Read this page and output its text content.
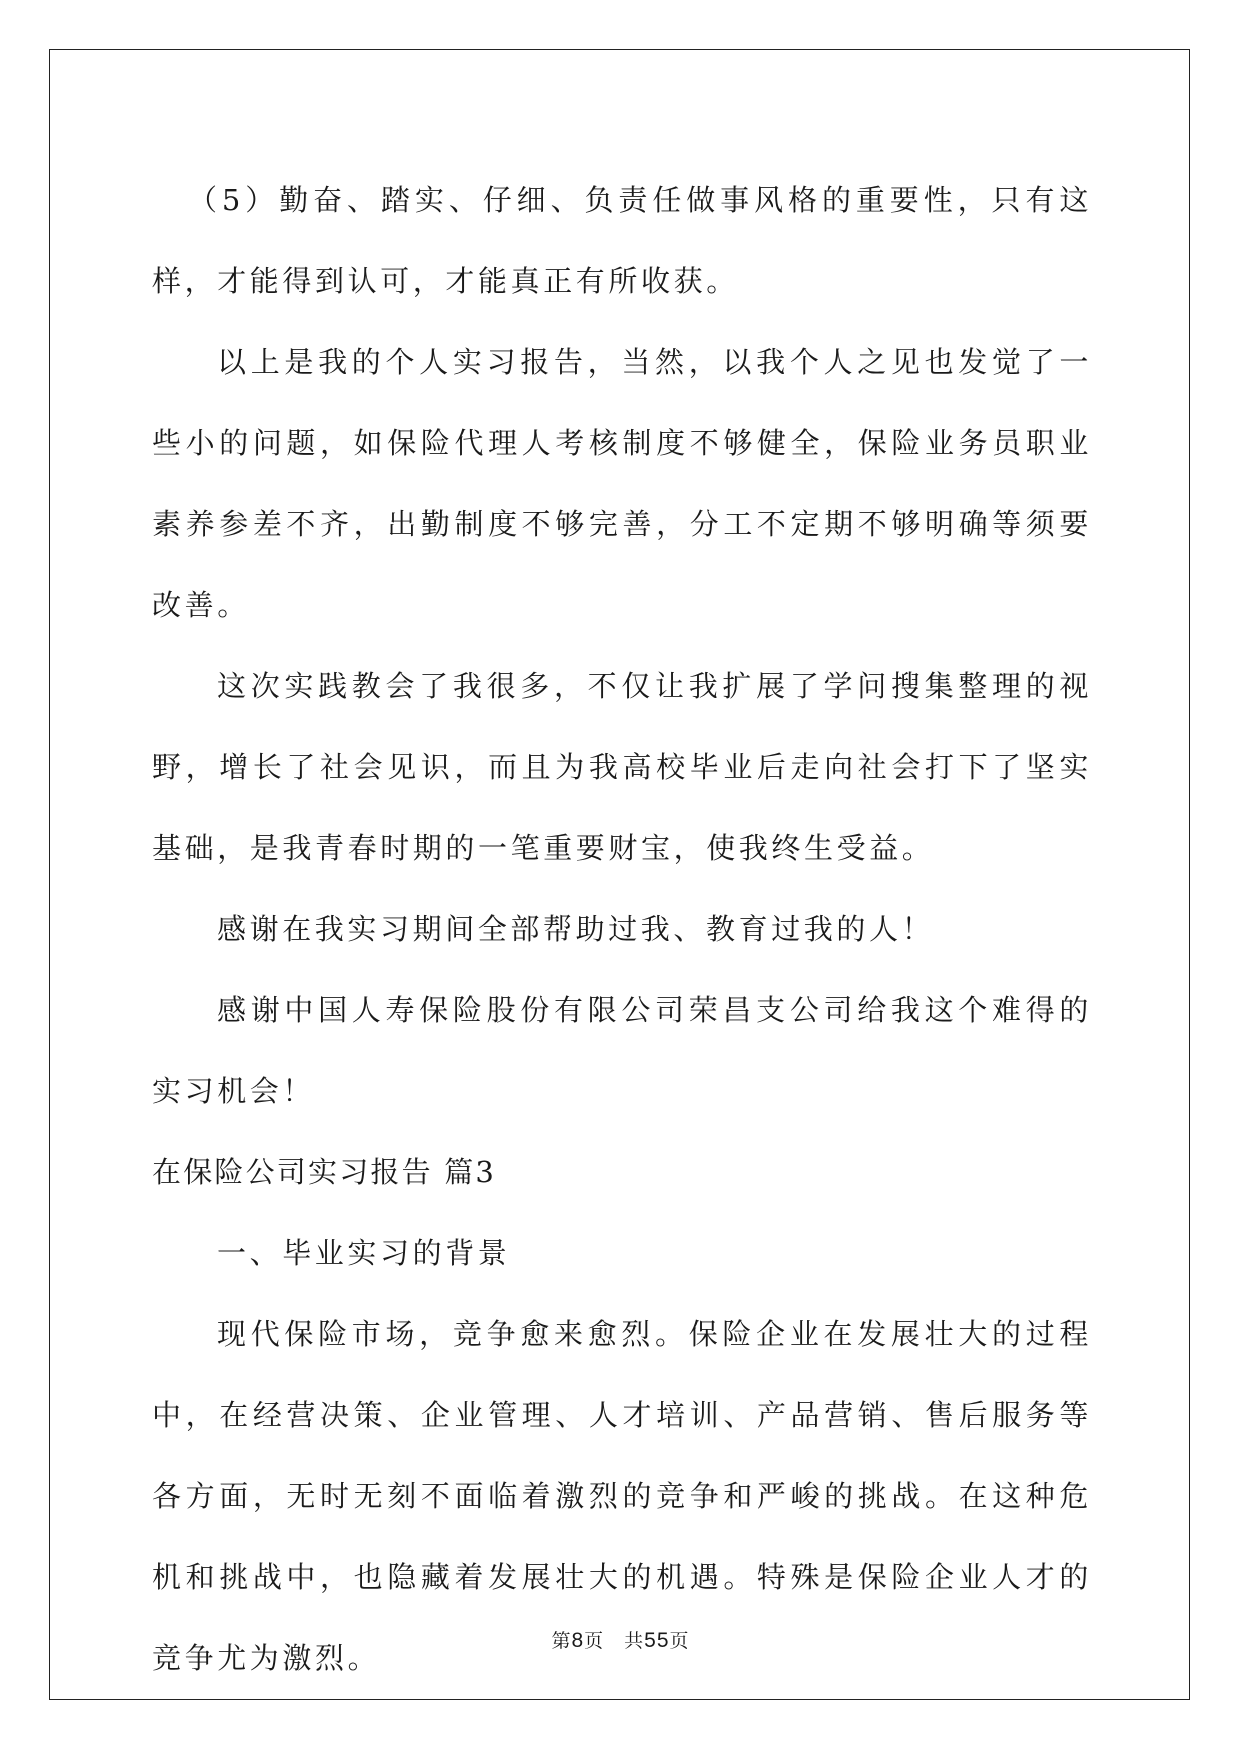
（5）勤奋、踏实、仔细、负责任做事风格的重要性，只有这样，才能得到认可，才能真正有所收获。

以上是我的个人实习报告，当然，以我个人之见也发觉了一些小的问题，如保险代理人考核制度不够健全，保险业务员职业素养参差不齐，出勤制度不够完善，分工不定期不够明确等须要改善。

这次实践教会了我很多，不仅让我扩展了学问搜集整理的视野，增长了社会见识，而且为我高校毕业后走向社会打下了坚实基础，是我青春时期的一笔重要财宝，使我终生受益。

感谢在我实习期间全部帮助过我、教育过我的人！

感谢中国人寿保险股份有限公司荣昌支公司给我这个难得的实习机会！

在保险公司实习报告 篇3

一、毕业实习的背景

现代保险市场，竞争愈来愈烈。保险企业在发展壮大的过程中，在经营决策、企业管理、人才培训、产品营销、售后服务等各方面，无时无刻不面临着激烈的竞争和严峻的挑战。在这种危机和挑战中，也隐藏着发展壮大的机遇。特殊是保险企业人才的竞争尤为激烈。	第8页 共55页
